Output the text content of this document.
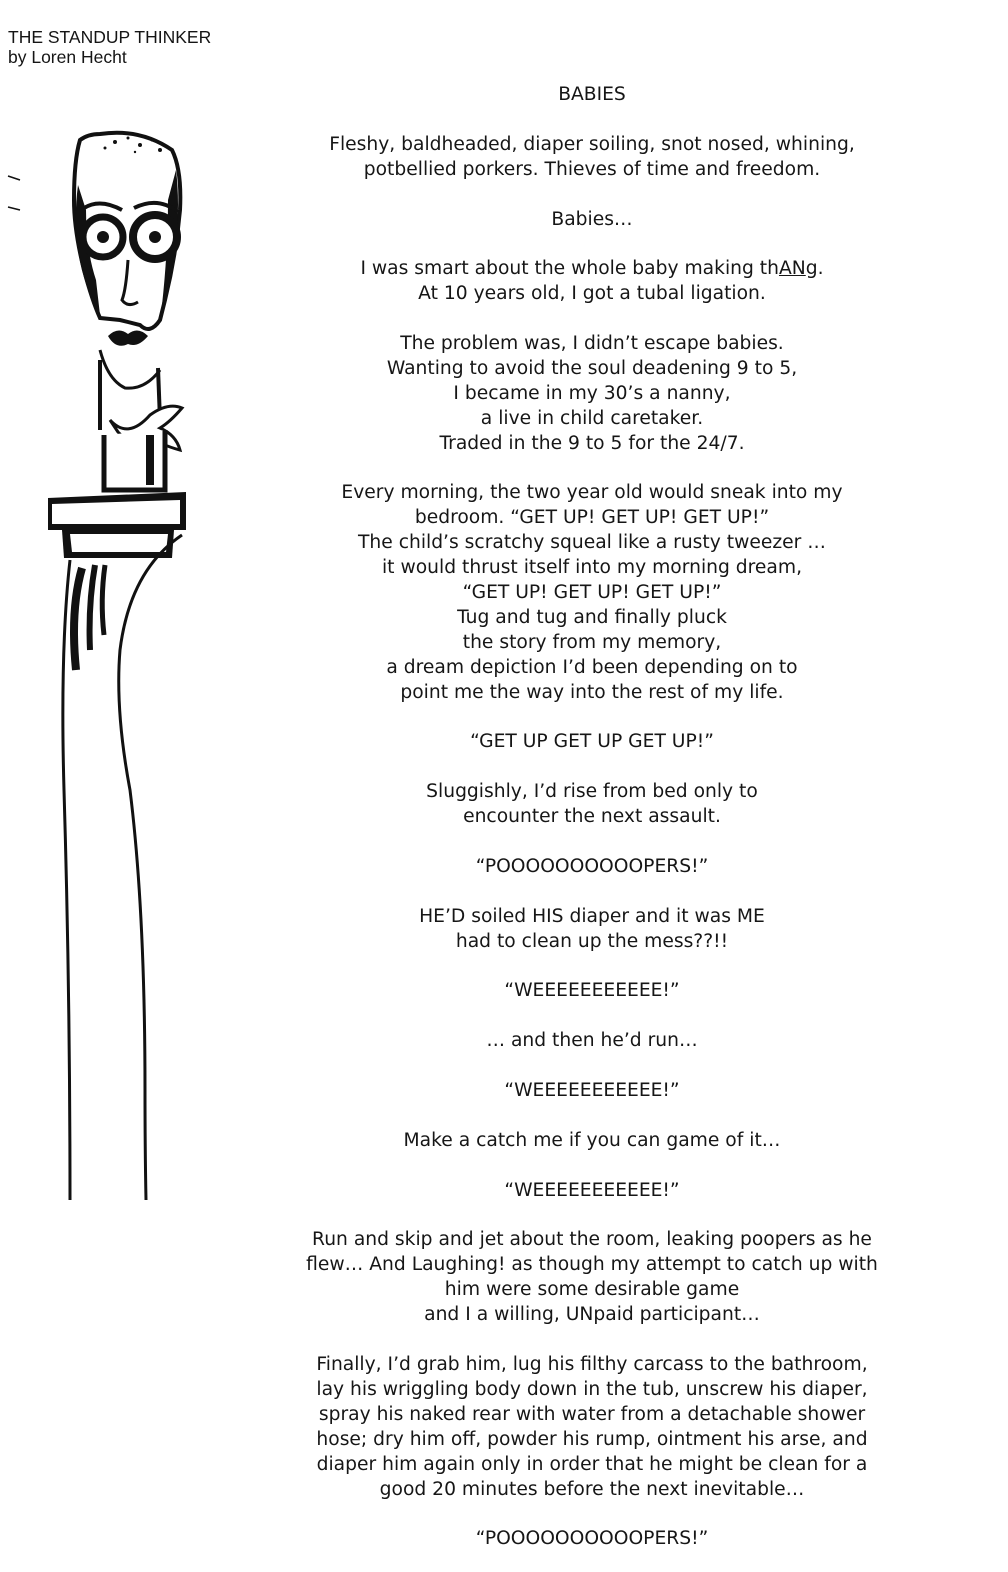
THE STANDUP THINKER
by Loren Hecht
BABIES
Fleshy, baldheaded, diaper soiling, snot nosed, whining,
potbellied porkers. Thieves of time and freedom.
Babies…
I was smart about the whole baby making thANg.
At 10 years old, I got a tubal ligation.
The problem was, I didn’t escape babies.
Wanting to avoid the soul deadening 9 to 5,
I became in my 30’s a nanny,
a live in child caretaker.
Traded in the 9 to 5 for the 24/7.
Every morning, the two year old would sneak into my
bedroom. “GET UP! GET UP! GET UP!”
The child’s scratchy squeal like a rusty tweezer …
it would thrust itself into my morning dream,
“GET UP! GET UP! GET UP!”
Tug and tug and finally pluck
the story from my memory,
a dream depiction I’d been depending on to
point me the way into the rest of my life.
“GET UP GET UP GET UP!”
Sluggishly, I’d rise from bed only to
encounter the next assault.
“POOOOOOOOOOPERS!”
HE’D soiled HIS diaper and it was ME
had to clean up the mess??!!
“WEEEEEEEEEEE!”
… and then he’d run…
“WEEEEEEEEEEE!”
Make a catch me if you can game of it…
“WEEEEEEEEEEE!”
Run and skip and jet about the room, leaking poopers as he
flew… And Laughing! as though my attempt to catch up with
him were some desirable game
and I a willing, UNpaid participant…
Finally, I’d grab him, lug his filthy carcass to the bathroom,
lay his wriggling body down in the tub, unscrew his diaper,
spray his naked rear with water from a detachable shower
hose; dry him off, powder his rump, ointment his arse, and
diaper him again only in order that he might be clean for a
good 20 minutes before the next inevitable…
“POOOOOOOOOOPERS!”
